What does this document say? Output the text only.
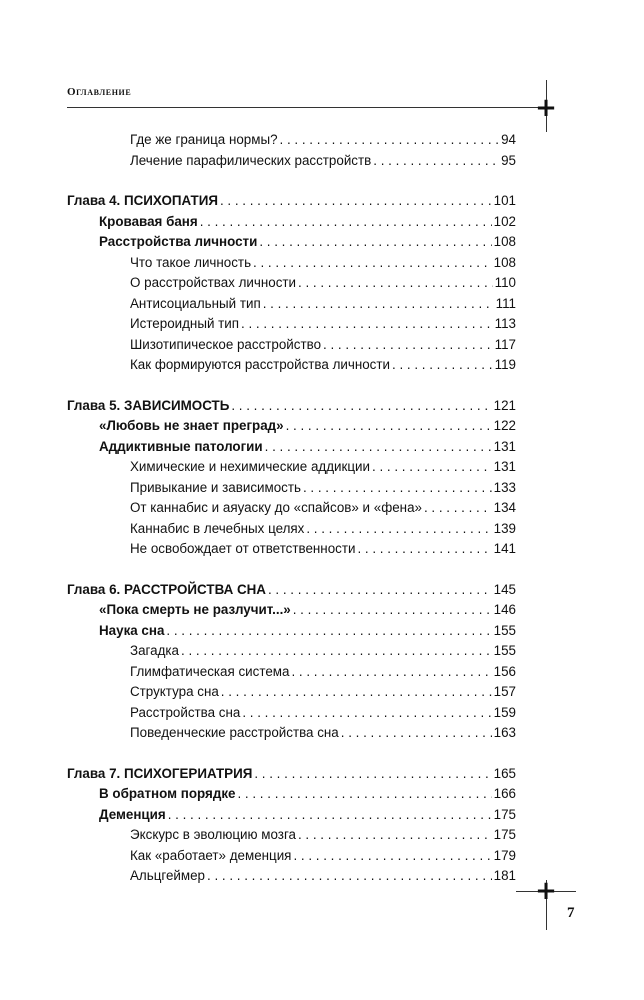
Оглавление
+
+
Где же граница нормы? . . .	94
Лечение парафилических расстройств . . .	95
Глава 4. ПСИХОПАТИЯ . . .	101
Кровавая баня . . .	102
Расстройства личности . . .	108
Что такое личность . . .	108
О расстройствах личности . . .	110
Антисоциальный тип . . .	111
Истероидный тип . . .	113
Шизотипическое расстройство . . .	117
Как формируются расстройства личности . . .	119
Глава 5. ЗАВИСИМОСТЬ . . .	121
«Любовь не знает преград» . . .	122
Аддиктивные патологии . . .	131
Химические и нехимические аддикции . . .	131
Привыкание и зависимость . . .	133
От каннабис и аяуаску до «спайсов» и «фена» . . .	134
Каннабис в лечебных целях . . .	139
Не освобождает от ответственности . . .	141
Глава 6. РАССТРОЙСТВА СНА . . .	145
«Пока смерть не разлучит...» . . .	146
Наука сна . . .	155
Загадка . . .	155
Глимфатическая система . . .	156
Структура сна . . .	157
Расстройства сна . . .	159
Поведенческие расстройства сна . . .	163
Глава 7. ПСИХОГЕРИАТРИЯ . . .	165
В обратном порядке . . .	166
Деменция . . .	175
Экскурс в эволюцию мозга . . .	175
Как «работает» деменция . . .	179
Альцгеймер . . .	181
7
